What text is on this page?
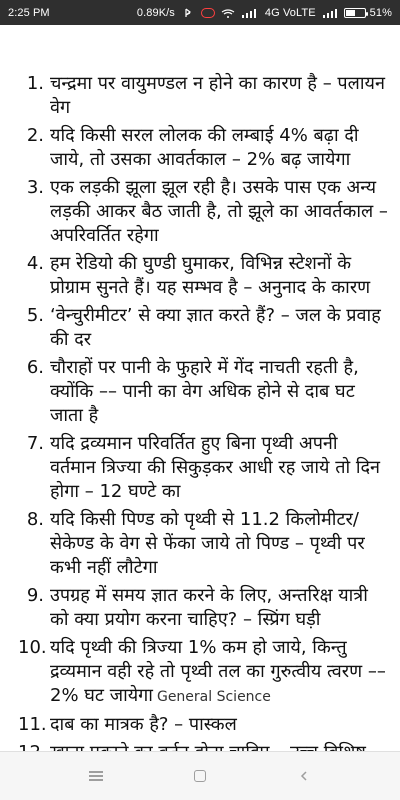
2:25 PM	0.89K/s	4G VoLTE	51%
1. चन्द्रमा पर वायुमण्डल न होने का कारण है – पलायन वेग
2. यदि किसी सरल लोलक की लम्बाई 4% बढ़ा दी जाये, तो उसका आवर्तकाल – 2% बढ़ जायेगा
3. एक लड़की झूला झूल रही है। उसके पास एक अन्य लड़की आकर बैठ जाती है, तो झूले का आवर्तकाल – अपरिवर्तित रहेगा
4. हम रेडियो की घुण्डी घुमाकर, विभिन्न स्टेशनों के प्रोग्राम सुनते हैं। यह सम्भव है – अनुनाद के कारण
5. ‘वेन्चुरीमीटर’ से क्या ज्ञात करते हैं? – जल के प्रवाह की दर
6. चौराहों पर पानी के फुहारे में गेंद नाचती रहती है, क्योंकि –– पानी का वेग अधिक होने से दाब घट जाता है
7. यदि द्रव्यमान परिवर्तित हुए बिना पृथ्वी अपनी वर्तमान त्रिज्या की सिकुड़कर आधी रह जाये तो दिन होगा – 12 घण्टे का
8. यदि किसी पिण्ड को पृथ्वी से 11.2 किलोमीटर/ सेकेण्ड के वेग से फेंका जाये तो पिण्ड – पृथ्वी पर कभी नहीं लौटेगा
9. उपग्रह में समय ज्ञात करने के लिए, अन्तरिक्ष यात्री को क्या प्रयोग करना चाहिए? – स्प्रिंग घड़ी
10. यदि पृथ्वी की त्रिज्या 1% कम हो जाये, किन्तु द्रव्यमान वही रहे तो पृथ्वी तल का गुरुत्वीय त्वरण –– 2% घट जायेगा General Science
11. दाब का मात्रक है? – पास्कल
